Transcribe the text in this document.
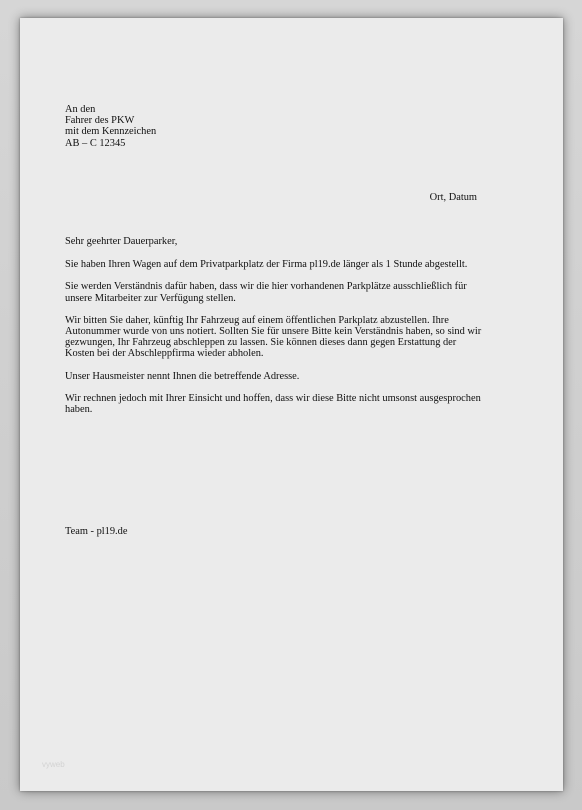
vyweb
An den
Fahrer des PKW
mit dem Kennzeichen
AB – C 12345
Ort, Datum

Sehr geehrter Dauerparker,

Sie haben Ihren Wagen auf dem Privatparkplatz der Firma pl19.de länger als 1 Stunde abgestellt.

Sie werden Verständnis dafür haben, dass wir die hier vorhandenen Parkplätze ausschließlich für unsere Mitarbeiter zur Verfügung stellen.

Wir bitten Sie daher, künftig Ihr Fahrzeug auf einem öffentlichen Parkplatz abzustellen. Ihre Autonummer wurde von uns notiert. Sollten Sie für unsere Bitte kein Verständnis haben, so sind wir gezwungen, Ihr Fahrzeug abschleppen zu lassen. Sie können dieses dann gegen Erstattung der Kosten bei der Abschleppfirma wieder abholen.

Unser Hausmeister nennt Ihnen die betreffende Adresse.

Wir rechnen jedoch mit Ihrer Einsicht und hoffen, dass wir diese Bitte nicht umsonst ausgesprochen haben.

Team - pl19.de
